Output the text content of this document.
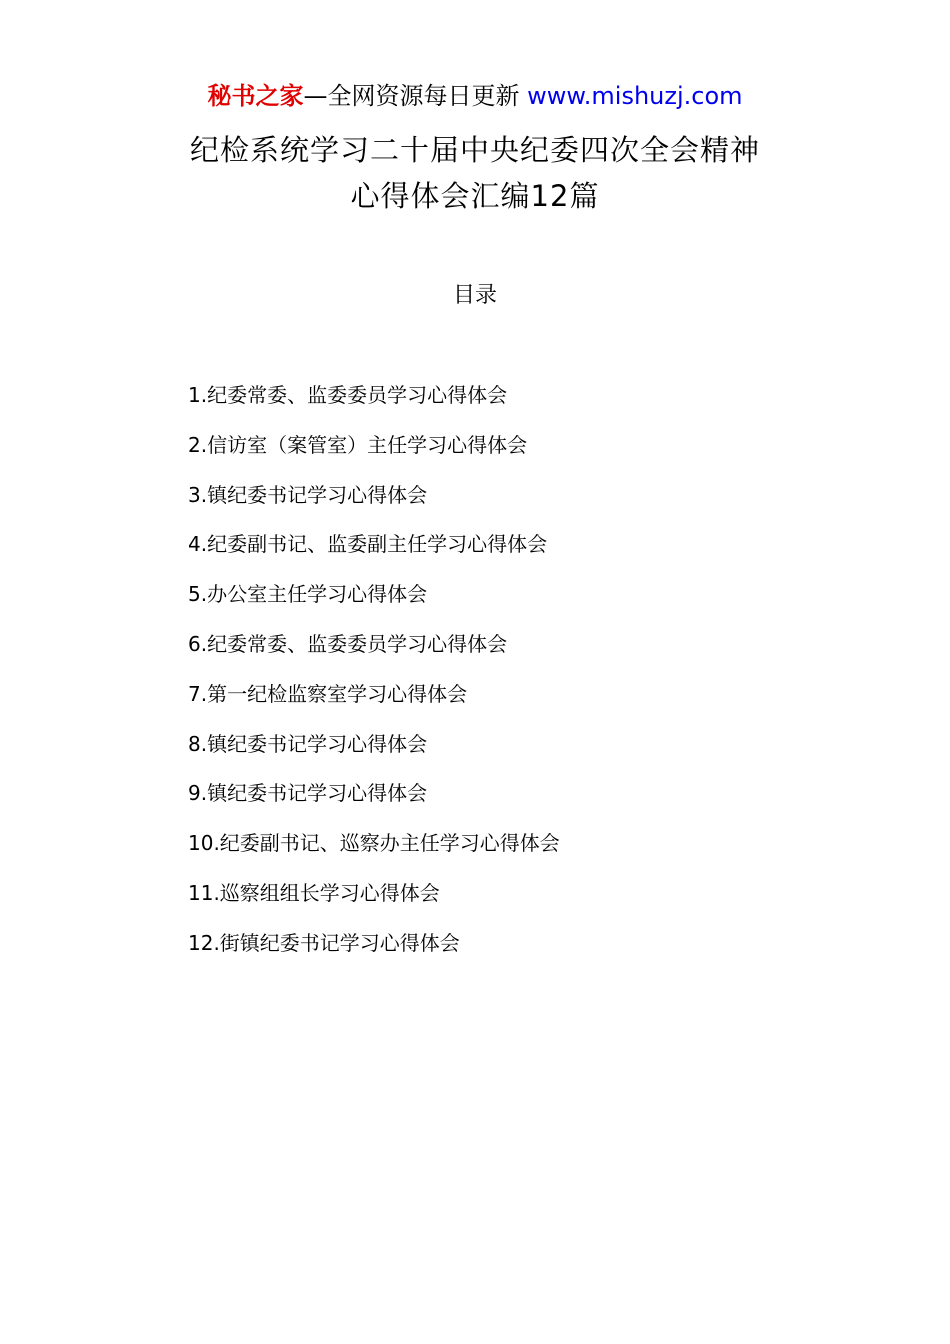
秘书之家—全网资源每日更新 www.mishuzj.com
纪检系统学习二十届中央纪委四次全会精神
心得体会汇编12篇
目录
1.纪委常委、监委委员学习心得体会
2.信访室（案管室）主任学习心得体会
3.镇纪委书记学习心得体会
4.纪委副书记、监委副主任学习心得体会
5.办公室主任学习心得体会
6.纪委常委、监委委员学习心得体会
7.第一纪检监察室学习心得体会
8.镇纪委书记学习心得体会
9.镇纪委书记学习心得体会
10.纪委副书记、巡察办主任学习心得体会
11.巡察组组长学习心得体会
12.街镇纪委书记学习心得体会
